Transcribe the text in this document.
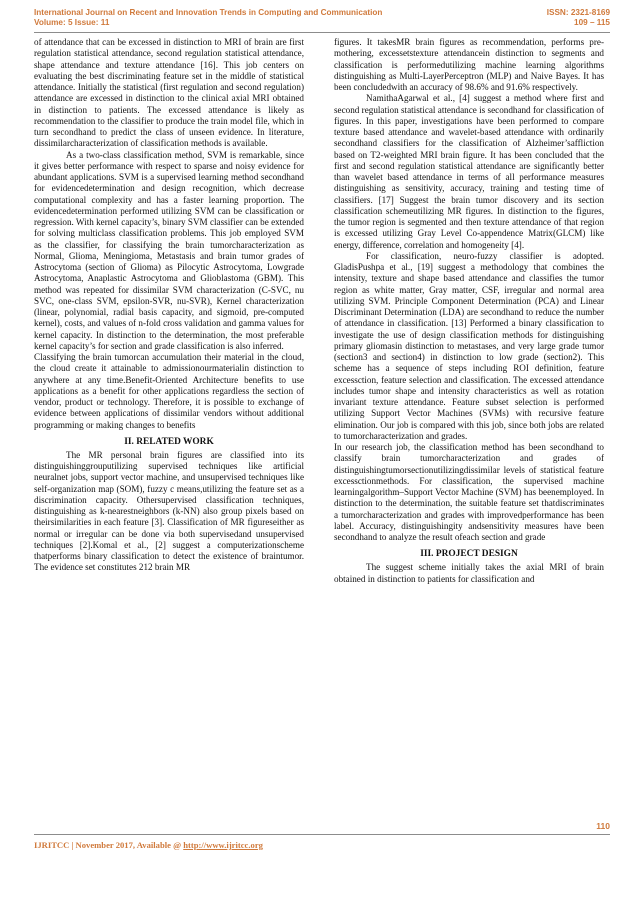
International Journal on Recent and Innovation Trends in Computing and Communication	ISSN: 2321-8169
Volume: 5 Issue: 11	109 – 115

of attendance that can be excessed in distinction to MRI of brain are first regulation statistical attendance, second regulation statistical attendance, shape attendance and texture attendance [16]. This job centers on evaluating the best discriminating feature set in the middle of statistical attendance. Initially the statistical (first regulation and second regulation) attendance are excessed in distinction to the clinical axial MRI obtained in distinction to patients. The excessed attendance is likely as recommendation to the classifier to produce the train model file, which in turn secondhand to predict the class of unseen evidence. In literature, dissimilarcharacterization of classification methods is available.

As a two-class classification method, SVM is remarkable, since it gives better performance with respect to sparse and noisy evidence for abundant applications. SVM is a supervised learning method secondhand for evidencedetermination and design recognition, which decrease computational complexity and has a faster learning proportion. The evidencedetermination performed utilizing SVM can be classification or regression. With kernel capacity’s, binary SVM classifier can be extended for solving multiclass classification problems. This job employed SVM as the classifier, for classifying the brain tumorcharacterization as Normal, Glioma, Meningioma, Metastasis and brain tumor grades of Astrocytoma (section of Glioma) as Pilocytic Astrocytoma, Lowgrade Astrocytoma, Anaplastic Astrocytoma and Glioblastoma (GBM). This method was repeated for dissimilar SVM characterization (C-SVC, nu SVC, one-class SVM, epsilon-SVR, nu-SVR), Kernel characterization (linear, polynomial, radial basis capacity, and sigmoid, pre-computed kernel), costs, and values of n-fold cross validation and gamma values for kernel capacity. In distinction to the determination, the most preferable kernel capacity’s for section and grade classification is also inferred.

Classifying the brain tumorcan accumulation their material in the cloud, the cloud create it attainable to admissionourmaterialin distinction to anywhere at any time.Benefit-Oriented Architecture benefits to use applications as a benefit for other applications regardless the section of vendor, product or technology. Therefore, it is possible to exchange of evidence between applications of dissimilar vendors without additional programming or making changes to benefits

II. RELATED WORK

The MR personal brain figures are classified into its distinguishinggrouputilizing supervised techniques like artificial neuralnet jobs, support vector machine, and unsupervised techniques like self-organization map (SOM), fuzzy c means,utilizing the feature set as a discrimination capacity. Othersupervised classification techniques, distinguishing as k-nearestneighbors (k-NN) also group pixels based on theirsimilarities in each feature [3]. Classification of MR figureseither as normal or irregular can be done via both supervisedand unsupervised techniques [2].Komal et al., [2] suggest a computerizationscheme thatperforms binary classification to detect the existence of braintumor. The evidence set constitutes 212 brain MR

figures. It takesMR brain figures as recommendation, performs pre-mothering, excessetstexture attendancein distinction to segments and classification is performedutilizing machine learning algorithms distinguishing as Multi-LayerPerceptron (MLP) and Naive Bayes. It has been concludedwith an accuracy of 98.6% and 91.6% respectively.

NamithaAgarwal et al., [4] suggest a method where first and second regulation statistical attendance is secondhand for classification of figures. In this paper, investigations have been performed to compare texture based attendance and wavelet-based attendance with ordinarily secondhand classifiers for the classification of Alzheimer’saffliction based on T2-weighted MRI brain figure. It has been concluded that the first and second regulation statistical attendance are significantly better than wavelet based attendance in terms of all performance measures distinguishing as sensitivity, accuracy, training and testing time of classifiers. [17] Suggest the brain tumor discovery and its section classification schemeutilizing MR figures. In distinction to the figures, the tumor region is segmented and then texture attendance of that region is excessed utilizing Gray Level Co-appendence Matrix(GLCM) like energy, difference, correlation and homogeneity [4].

For classification, neuro-fuzzy classifier is adopted. GladisPushpa et al., [19] suggest a methodology that combines the intensity, texture and shape based attendance and classifies the tumor region as white matter, Gray matter, CSF, irregular and normal area utilizing SVM. Principle Component Determination (PCA) and Linear Discriminant Determination (LDA) are secondhand to reduce the number of attendance in classification. [13] Performed a binary classification to investigate the use of design classification methods for distinguishing primary gliomasin distinction to metastases, and very large grade tumor (section3 and section4) in distinction to low grade (section2). This scheme has a sequence of steps including ROI definition, feature excessction, feature selection and classification. The excessed attendance includes tumor shape and intensity characteristics as well as rotation invariant texture attendance. Feature subset selection is performed utilizing Support Vector Machines (SVMs) with recursive feature elimination. Our job is compared with this job, since both jobs are related to tumorcharacterization and grades.

In our research job, the classification method has been secondhand to classify brain tumorcharacterization and grades of distinguishingtumorsectionutilizingdissimilar levels of statistical feature excessctionmethods. For classification, the supervised machine learningalgorithm–Support Vector Machine (SVM) has beenemployed. In distinction to the determination, the suitable feature set thatdiscriminates a tumorcharacterization and grades with improvedperformance has been label. Accuracy, distinguishingity andsensitivity measures have been secondhand to analyze the result ofeach section and grade

III. PROJECT DESIGN

The suggest scheme initially takes the axial MRI of brain obtained in distinction to patients for classification and

110
IJRITCC | November 2017, Available @ http://www.ijritcc.org
